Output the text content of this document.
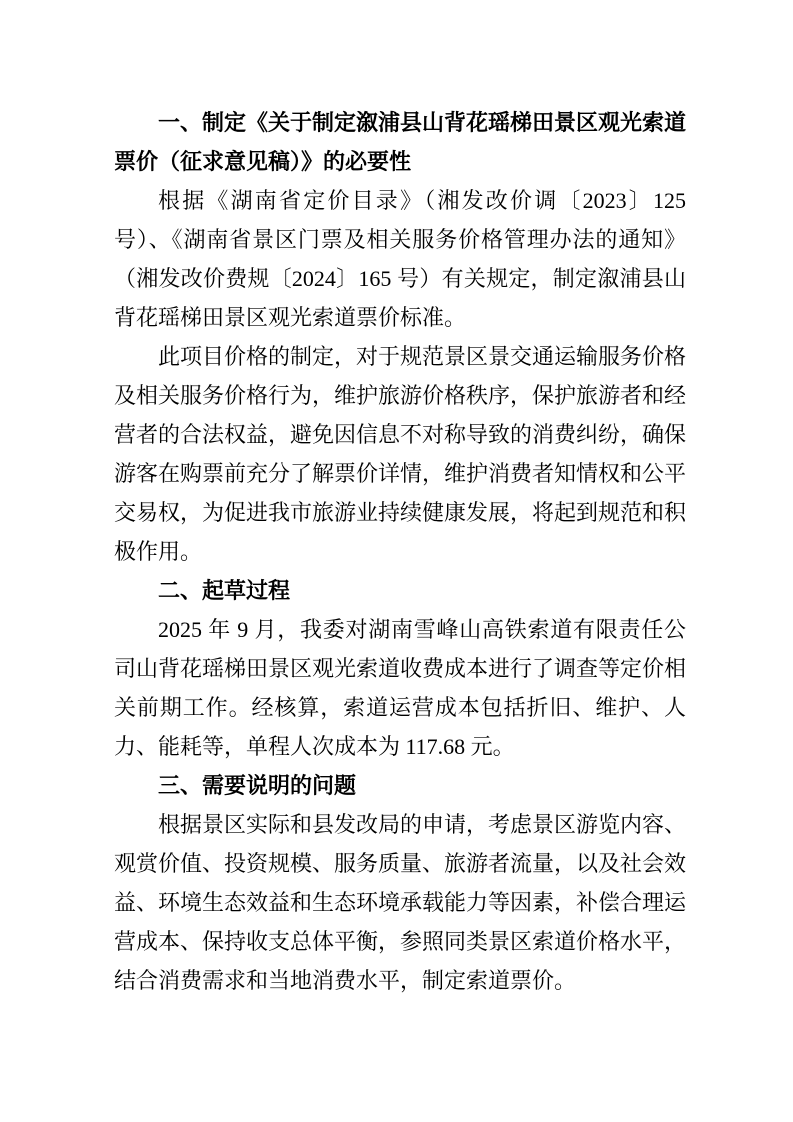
一、制定《关于制定溆浦县山背花瑶梯田景区观光索道票价（征求意见稿）》的必要性

根据《湖南省定价目录》（湘发改价调〔2023〕125 号）、《湖南省景区门票及相关服务价格管理办法的通知》（湘发改价费规〔2024〕165 号）有关规定，制定溆浦县山背花瑶梯田景区观光索道票价标准。

此项目价格的制定，对于规范景区景交通运输服务价格及相关服务价格行为，维护旅游价格秩序，保护旅游者和经营者的合法权益，避免因信息不对称导致的消费纠纷，确保游客在购票前充分了解票价详情，维护消费者知情权和公平交易权，为促进我市旅游业持续健康发展，将起到规范和积极作用。

二、起草过程

2025 年 9 月，我委对湖南雪峰山高铁索道有限责任公司山背花瑶梯田景区观光索道收费成本进行了调查等定价相关前期工作。经核算，索道运营成本包括折旧、维护、人力、能耗等，单程人次成本为 117.68 元。

三、需要说明的问题

根据景区实际和县发改局的申请，考虑景区游览内容、观赏价值、投资规模、服务质量、旅游者流量，以及社会效益、环境生态效益和生态环境承载能力等因素，补偿合理运营成本、保持收支总体平衡，参照同类景区索道价格水平，结合消费需求和当地消费水平，制定索道票价。
